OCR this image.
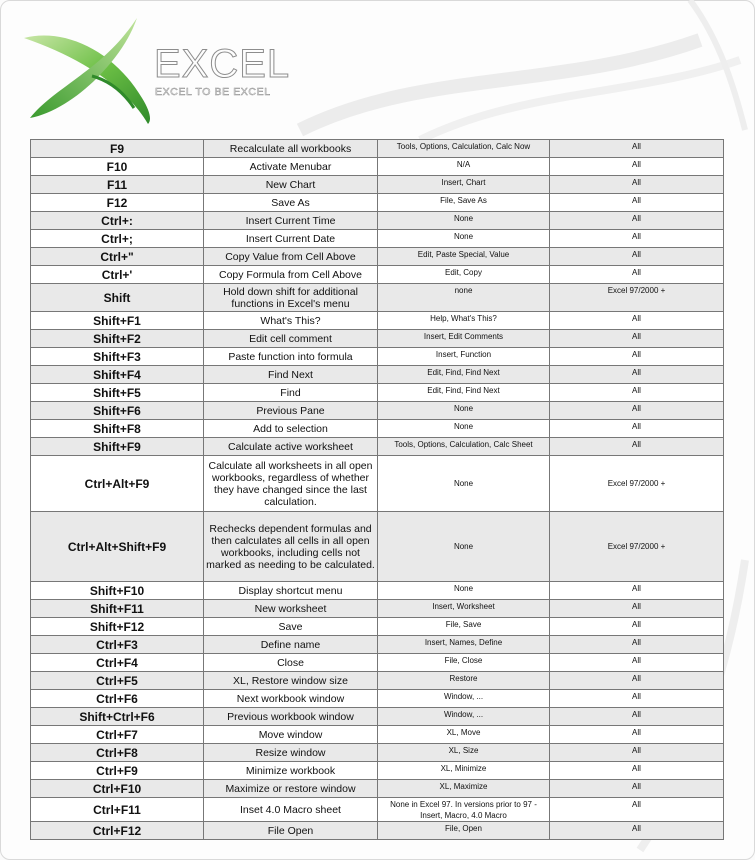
EXCEL
EXCEL TO BE EXCEL
F9	Recalculate all workbooks	Tools, Options, Calculation, Calc Now	All
F10	Activate Menubar	N/A	All
F11	New Chart	Insert, Chart	All
F12	Save As	File, Save As	All
Ctrl+:	Insert Current Time	None	All
Ctrl+;	Insert Current Date	None	All
Ctrl+"	Copy Value from Cell Above	Edit, Paste Special, Value	All
Ctrl+'	Copy Formula from Cell Above	Edit, Copy	All
Shift	Hold down shift for additional functions in Excel's menu	none	Excel 97/2000 +
Shift+F1	What's This?	Help, What's This?	All
Shift+F2	Edit cell comment	Insert, Edit Comments	All
Shift+F3	Paste function into formula	Insert, Function	All
Shift+F4	Find Next	Edit, Find, Find Next	All
Shift+F5	Find	Edit, Find, Find Next	All
Shift+F6	Previous Pane	None	All
Shift+F8	Add to selection	None	All
Shift+F9	Calculate active worksheet	Tools, Options, Calculation, Calc Sheet	All
Ctrl+Alt+F9	Calculate all worksheets in all open workbooks, regardless of whether they have changed since the last calculation.	None	Excel 97/2000 +
Ctrl+Alt+Shift+F9	Rechecks dependent formulas and then calculates all cells in all open workbooks, including cells not marked as needing to be calculated.	None	Excel 97/2000 +
Shift+F10	Display shortcut menu	None	All
Shift+F11	New worksheet	Insert, Worksheet	All
Shift+F12	Save	File, Save	All
Ctrl+F3	Define name	Insert, Names, Define	All
Ctrl+F4	Close	File, Close	All
Ctrl+F5	XL, Restore window size	Restore	All
Ctrl+F6	Next workbook window	Window, ...	All
Shift+Ctrl+F6	Previous workbook window	Window, ...	All
Ctrl+F7	Move window	XL, Move	All
Ctrl+F8	Resize window	XL, Size	All
Ctrl+F9	Minimize workbook	XL, Minimize	All
Ctrl+F10	Maximize or restore window	XL, Maximize	All
Ctrl+F11	Inset 4.0 Macro sheet	None in Excel 97. In versions prior to 97 - Insert, Macro, 4.0 Macro	All
Ctrl+F12	File Open	File, Open	All
